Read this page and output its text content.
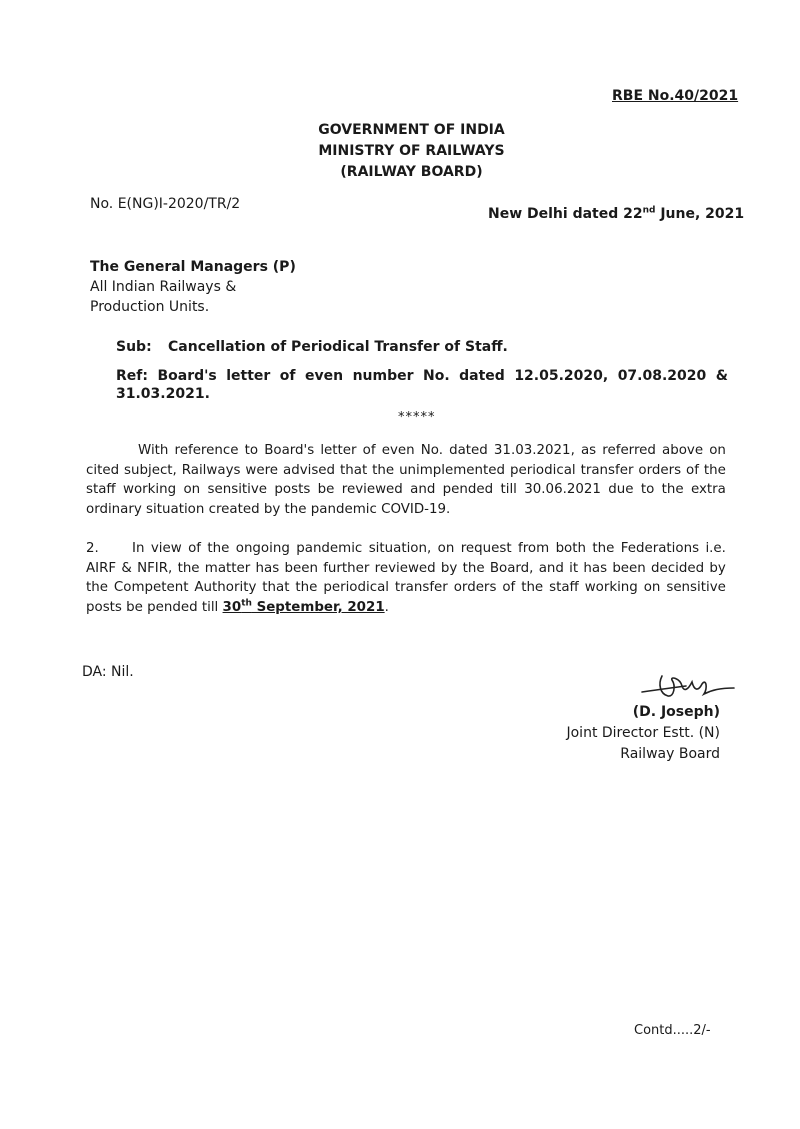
RBE No.40/2021
GOVERNMENT OF INDIA
MINISTRY OF RAILWAYS
(RAILWAY BOARD)
No. E(NG)I-2020/TR/2
New Delhi dated 22nd June, 2021
The General Managers (P)
All Indian Railways &
Production Units.
Sub: Cancellation of Periodical Transfer of Staff.
Ref: Board's letter of even number No. dated 12.05.2020, 07.08.2020 &
31.03.2021.
*****
With reference to Board's letter of even No. dated 31.03.2021, as referred above on
cited subject, Railways were advised that the unimplemented periodical transfer orders of the
staff working on sensitive posts be reviewed and pended till 30.06.2021 due to the extra
ordinary situation created by the pandemic COVID-19.
2.	In view of the ongoing pandemic situation, on request from both the Federations i.e.
AIRF & NFIR, the matter has been further reviewed by the Board, and it has been decided by
the Competent Authority that the periodical transfer orders of the staff working on sensitive
posts be pended till 30th September, 2021.
DA: Nil.
(D. Joseph)
Joint Director Estt. (N)
Railway Board
Contd.....2/-
